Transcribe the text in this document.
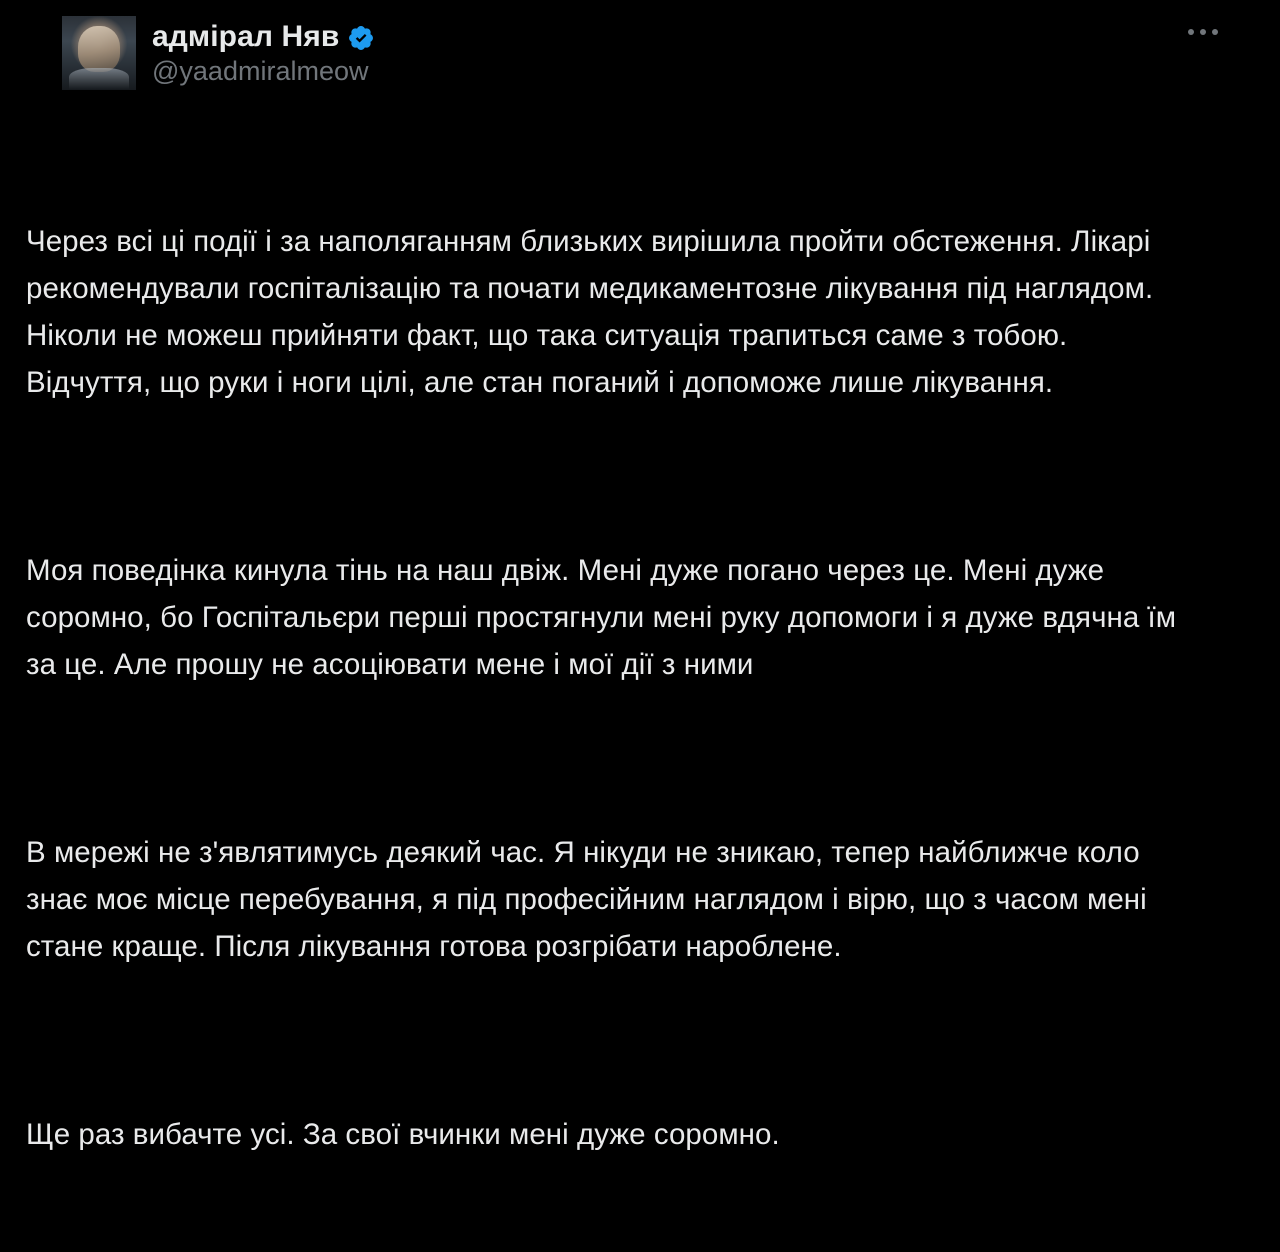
адмірал Няв
@yaadmiralmeow

Через всі ці події і за наполяганням близьких вирішила пройти обстеження. Лікарі рекомендували госпіталізацію та почати медикаментозне лікування під наглядом. Ніколи не можеш прийняти факт, що така ситуація трапиться саме з тобою. Відчуття, що руки і ноги цілі, але стан поганий і допоможе лише лікування.

Моя поведінка кинула тінь на наш двіж. Мені дуже погано через це. Мені дуже соромно, бо Госпітальєри перші простягнули мені руку допомоги і я дуже вдячна їм за це. Але прошу не асоціювати мене і мої дії з ними

В мережі не з'являтимусь деякий час. Я нікуди не зникаю, тепер найближче коло знає моє місце перебування, я під професійним наглядом і вірю, що з часом мені стане краще. Після лікування готова розгрібати нароблене.

Ще раз вибачте усі. За свої вчинки мені дуже соромно.
